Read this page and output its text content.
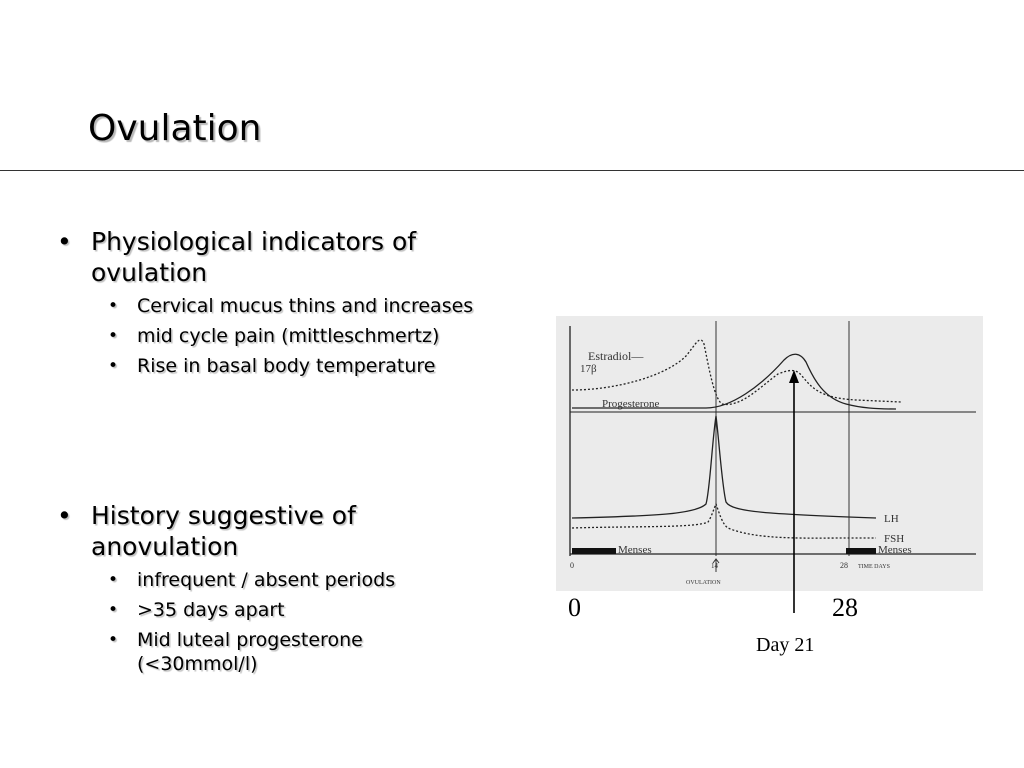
Ovulation
• Physiological indicators of ovulation
• Cervical mucus thins and increases
• mid cycle pain (mittleschmertz)
• Rise in basal body temperature
• History suggestive of anovulation
• infrequent / absent periods
• >35 days apart
• Mid luteal progesterone (<30mmol/l)
Estradiol—
17β
Progesterone
LH
FSH
Menses	Menses
0	14	28 TIME DAYS
OVULATION
0	28
Day 21
